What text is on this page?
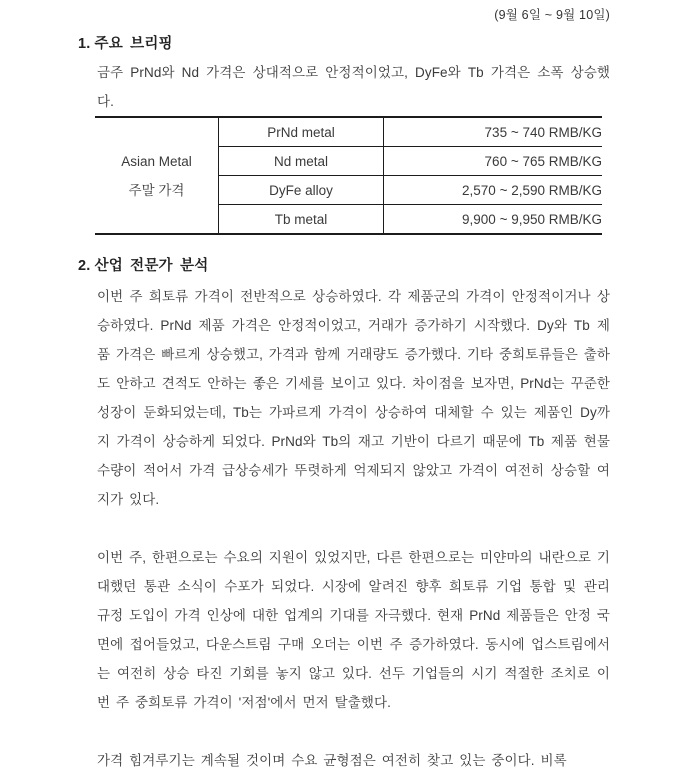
(9월 6일 ~ 9월 10일)
1. 주요 브리핑

금주 PrNd와 Nd 가격은 상대적으로 안정적이었고, DyFe와 Tb 가격은 소폭 상승했다.

Asian Metal
주말 가격	PrNd metal	735 ~ 740 RMB/KG
	Nd metal	760 ~ 765 RMB/KG
	DyFe alloy	2,570 ~ 2,590 RMB/KG
	Tb metal	9,900 ~ 9,950 RMB/KG
2. 산업 전문가 분석

이번 주 희토류 가격이 전반적으로 상승하였다. 각 제품군의 가격이 안정적이거나 상승하였다. PrNd 제품 가격은 안정적이었고, 거래가 증가하기 시작했다. Dy와 Tb 제품 가격은 빠르게 상승했고, 가격과 함께 거래량도 증가했다. 기타 중희토류들은 출하도 안하고 견적도 안하는 좋은 기세를 보이고 있다. 차이점을 보자면, PrNd는 꾸준한 성장이 둔화되었는데, Tb는 가파르게 가격이 상승하여 대체할 수 있는 제품인 Dy까지 가격이 상승하게 되었다. PrNd와 Tb의 재고 기반이 다르기 때문에 Tb 제품 현물 수량이 적어서 가격 급상승세가 뚜렷하게 억제되지 않았고 가격이 여전히 상승할 여지가 있다.

이번 주, 한편으로는 수요의 지원이 있었지만, 다른 한편으로는 미얀마의 내란으로 기대했던 통관 소식이 수포가 되었다. 시장에 알려진 향후 희토류 기업 통합 및 관리 규정 도입이 가격 인상에 대한 업계의 기대를 자극했다. 현재 PrNd 제품들은 안정 국면에 접어들었고, 다운스트림 구매 오더는 이번 주 증가하였다. 동시에 업스트림에서는 여전히 상승 타진 기회를 놓지 않고 있다. 선두 기업들의 시기 적절한 조치로 이번 주 중희토류 가격이 '저점'에서 먼저 탈출했다.

가격 힘겨루기는 계속될 것이며 수요 균형점은 여전히 찾고 있는 중이다. 비록
